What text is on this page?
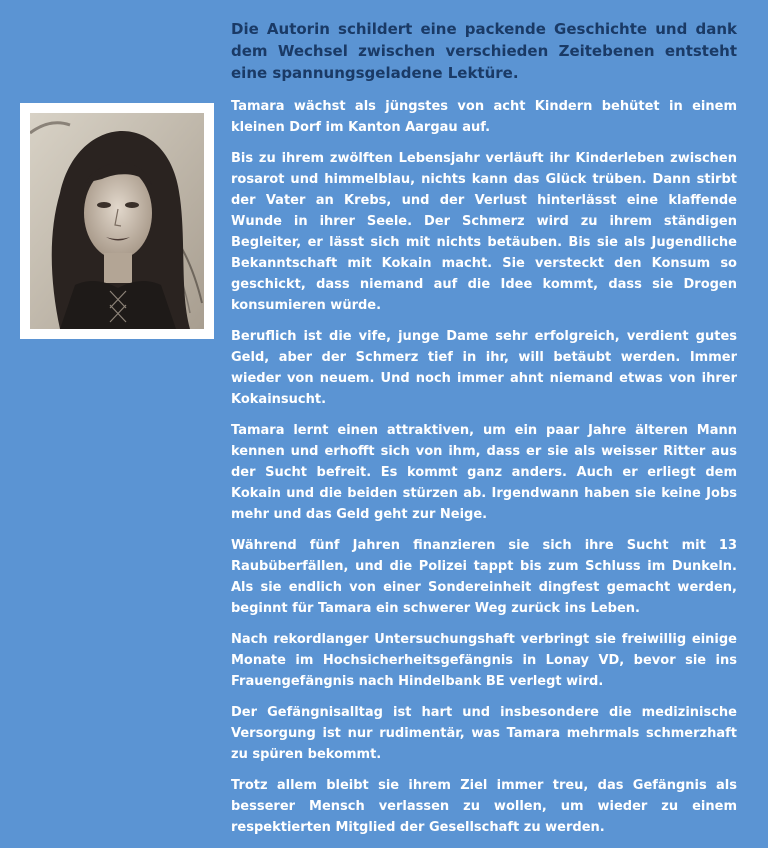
Die Autorin schildert eine packende Geschichte und dank dem Wechsel zwischen verschieden Zeitebenen entsteht eine spannungsgeladene Lektüre.

Tamara wächst als jüngstes von acht Kindern behütet in einem kleinen Dorf im Kanton Aargau auf.

Bis zu ihrem zwölften Lebensjahr verläuft ihr Kinderleben zwischen rosarot und himmelblau, nichts kann das Glück trüben. Dann stirbt der Vater an Krebs, und der Verlust hinterlässt eine klaffende Wunde in ihrer Seele. Der Schmerz wird zu ihrem ständigen Begleiter, er lässt sich mit nichts betäuben. Bis sie als Jugendliche Bekanntschaft mit Kokain macht. Sie versteckt den Konsum so geschickt, dass niemand auf die Idee kommt, dass sie Drogen konsumieren würde.

Beruflich ist die vife, junge Dame sehr erfolgreich, verdient gutes Geld, aber der Schmerz tief in ihr, will betäubt werden. Immer wieder von neuem. Und noch immer ahnt niemand etwas von ihrer Kokainsucht.

Tamara lernt einen attraktiven, um ein paar Jahre älteren Mann kennen und erhofft sich von ihm, dass er sie als weisser Ritter aus der Sucht befreit. Es kommt ganz anders. Auch er erliegt dem Kokain und die beiden stürzen ab. Irgendwann haben sie keine Jobs mehr und das Geld geht zur Neige.

Während fünf Jahren finanzieren sie sich ihre Sucht mit 13 Raubüberfällen, und die Polizei tappt bis zum Schluss im Dunkeln. Als sie endlich von einer Sondereinheit dingfest gemacht werden, beginnt für Tamara ein schwerer Weg zurück ins Leben.

Nach rekordlanger Untersuchungshaft verbringt sie freiwillig einige Monate im Hochsicherheitsgefängnis in Lonay VD, bevor sie ins Frauengefängnis nach Hindelbank BE verlegt wird.

Der Gefängnisalltag ist hart und insbesondere die medizinische Versorgung ist nur rudimentär, was Tamara mehrmals schmerzhaft zu spüren bekommt.

Trotz allem bleibt sie ihrem Ziel immer treu, das Gefängnis als besserer Mensch verlassen zu wollen, um wieder zu einem respektierten Mitglied der Gesellschaft zu werden.
